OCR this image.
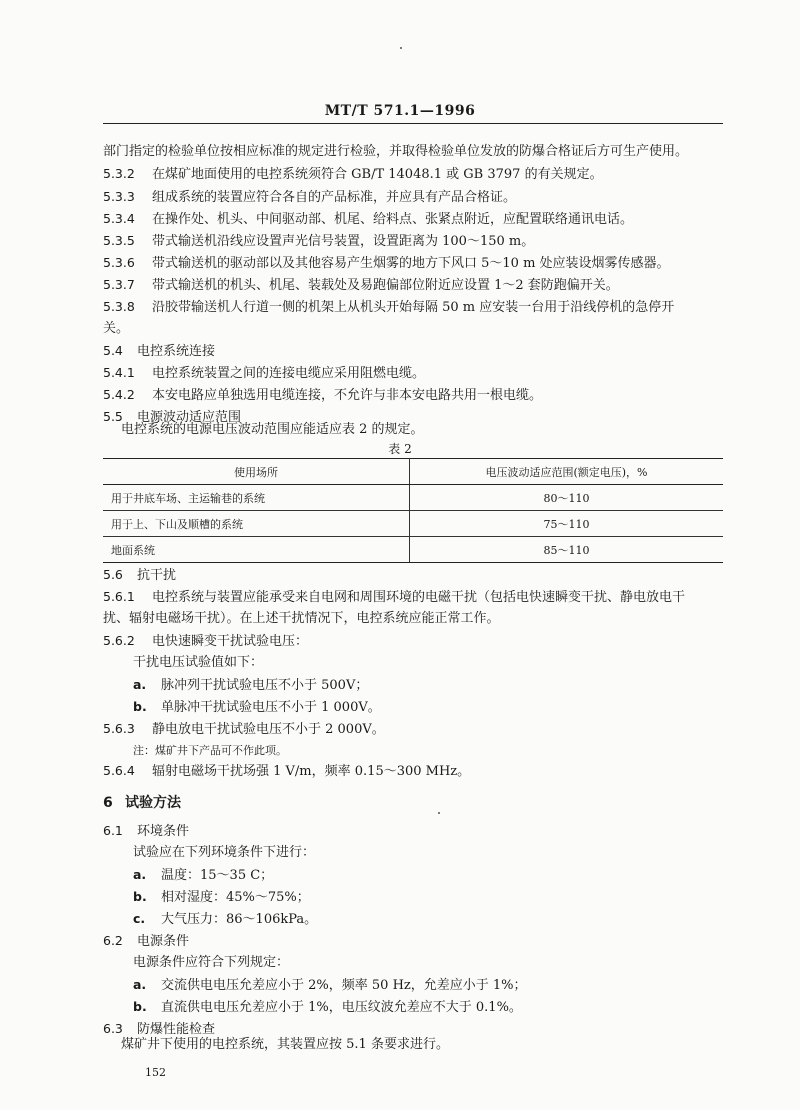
MT/T 571.1—1996
部门指定的检验单位按相应标准的规定进行检验，并取得检验单位发放的防爆合格证后方可生产使用。
5.3.2 在煤矿地面使用的电控系统须符合 GB/T 14048.1 或 GB 3797 的有关规定。
5.3.3 组成系统的装置应符合各自的产品标准，并应具有产品合格证。
5.3.4 在操作处、机头、中间驱动部、机尾、给料点、张紧点附近，应配置联络通讯电话。
5.3.5 带式输送机沿线应设置声光信号装置，设置距离为 100～150 m。
5.3.6 带式输送机的驱动部以及其他容易产生烟雾的地方下风口 5～10 m 处应装设烟雾传感器。
5.3.7 带式输送机的机头、机尾、装载处及易跑偏部位附近应设置 1～2 套防跑偏开关。
5.3.8 沿胶带输送机人行道一侧的机架上从机头开始每隔 50 m 应安装一台用于沿线停机的急停开
关。
5.4 电控系统连接
5.4.1 电控系统装置之间的连接电缆应采用阻燃电缆。
5.4.2 本安电路应单独选用电缆连接，不允许与非本安电路共用一根电缆。
5.5 电源波动适应范围
电控系统的电源电压波动范围应能适应表 2 的规定。
表 2
使用场所	电压波动适应范围(额定电压)，%
用于井底车场、主运输巷的系统	80～110
用于上、下山及顺槽的系统	75～110
地面系统	85～110
5.6 抗干扰
5.6.1 电控系统与装置应能承受来自电网和周围环境的电磁干扰（包括电快速瞬变干扰、静电放电干
扰、辐射电磁场干扰）。在上述干扰情况下，电控系统应能正常工作。
5.6.2 电快速瞬变干扰试验电压：
干扰电压试验值如下：
a. 脉冲列干扰试验电压不小于 500V；
b. 单脉冲干扰试验电压不小于 1 000V。
5.6.3 静电放电干扰试验电压不小于 2 000V。
注：煤矿井下产品可不作此项。
5.6.4 辐射电磁场干扰场强 1 V/m，频率 0.15～300 MHz。
6 试验方法
6.1 环境条件
试验应在下列环境条件下进行：
a. 温度：15～35 C；
b. 相对湿度：45%～75%；
c. 大气压力：86～106kPa。
6.2 电源条件
电源条件应符合下列规定：
a. 交流供电电压允差应小于 2%，频率 50 Hz，允差应小于 1%；
b. 直流供电电压允差应小于 1%，电压纹波允差应不大于 0.1%。
6.3 防爆性能检查
煤矿井下使用的电控系统，其装置应按 5.1 条要求进行。
152
